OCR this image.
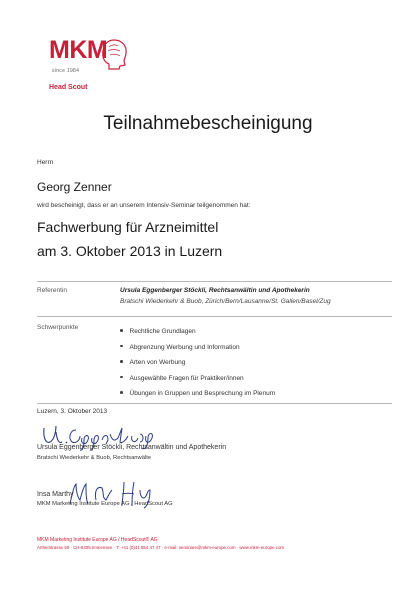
MKM
since 1984
Head Scout
Teilnahmebescheinigung
Herrn
Georg Zenner
wird bescheinigt, dass er an unserem Intensiv-Seminar teilgenommen hat:
Fachwerbung für Arzneimittel
am 3. Oktober 2013 in Luzern
Referentin	Ursula Eggenberger Stöckli, Rechtsanwältin und Apothekerin
Bratschi Wiederkehr & Buob, Zürich/Bern/Lausanne/St. Gallen/Basel/Zug
Schwerpunkte
Rechtliche Grundlagen
Abgrenzung Werbung und Information
Arten von Werbung
Ausgewählte Fragen für Praktiker/innen
Übungen in Gruppen und Besprechung im Plenum
Luzern, 3. Oktober 2013
Ursula Eggenberger Stöckli, Rechtsanwältin und Apothekerin
Bratschi Wiederkehr & Buob, Rechtsanwälte
Insa Marthy
MKM Marketing Institute Europe AG / HeadScout AG
MKM Marketing Institute Europe AG / HeadScout® AG
Artherstrasse 60 · CH-6405 Immensee · T: +41 (0)41 854 47 47 · e-mail: seminare@mkm-europe.com · www.mkm-europe.com
